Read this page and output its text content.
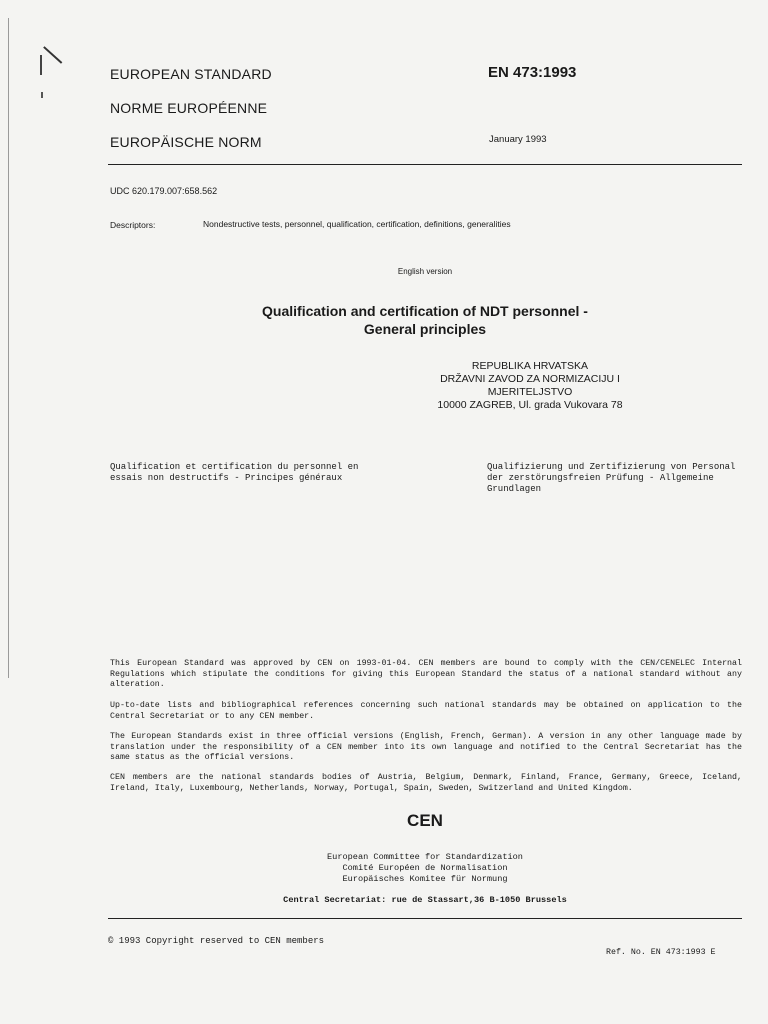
EUROPEAN STANDARD
NORME EUROPÉENNE
EUROPÄISCHE NORM
EN 473:1993
January 1993
UDC 620.179.007:658.562
Descriptors:	Nondestructive tests, personnel, qualification, certification, definitions, generalities
English version
Qualification and certification of NDT personnel -
General principles
REPUBLIKA HRVATSKA
DRŽAVNI ZAVOD ZA NORMIZACIJU I
MJERITELJSTVO
10000 ZAGREB, Ul. grada Vukovara 78
Qualification et certification du personnel en
essais non destructifs - Principes généraux
Qualifizierung und Zertifizierung von Personal
der zerstörungsfreien Prüfung - Allgemeine
Grundlagen
This European Standard was approved by CEN on 1993-01-04. CEN members are bound to comply with the CEN/CENELEC Internal Regulations which stipulate the conditions for giving this European Standard the status of a national standard without any alteration.
Up-to-date lists and bibliographical references concerning such national standards may be obtained on application to the Central Secretariat or to any CEN member.
The European Standards exist in three official versions (English, French, German). A version in any other language made by translation under the responsibility of a CEN member into its own language and notified to the Central Secretariat has the same status as the official versions.
CEN members are the national standards bodies of Austria, Belgium, Denmark, Finland, France, Germany, Greece, Iceland, Ireland, Italy, Luxembourg, Netherlands, Norway, Portugal, Spain, Sweden, Switzerland and United Kingdom.
CEN
European Committee for Standardization
Comité Européen de Normalisation
Europäisches Komitee für Normung
Central Secretariat: rue de Stassart,36 B-1050 Brussels
© 1993 Copyright reserved to CEN members
Ref. No. EN 473:1993 E
